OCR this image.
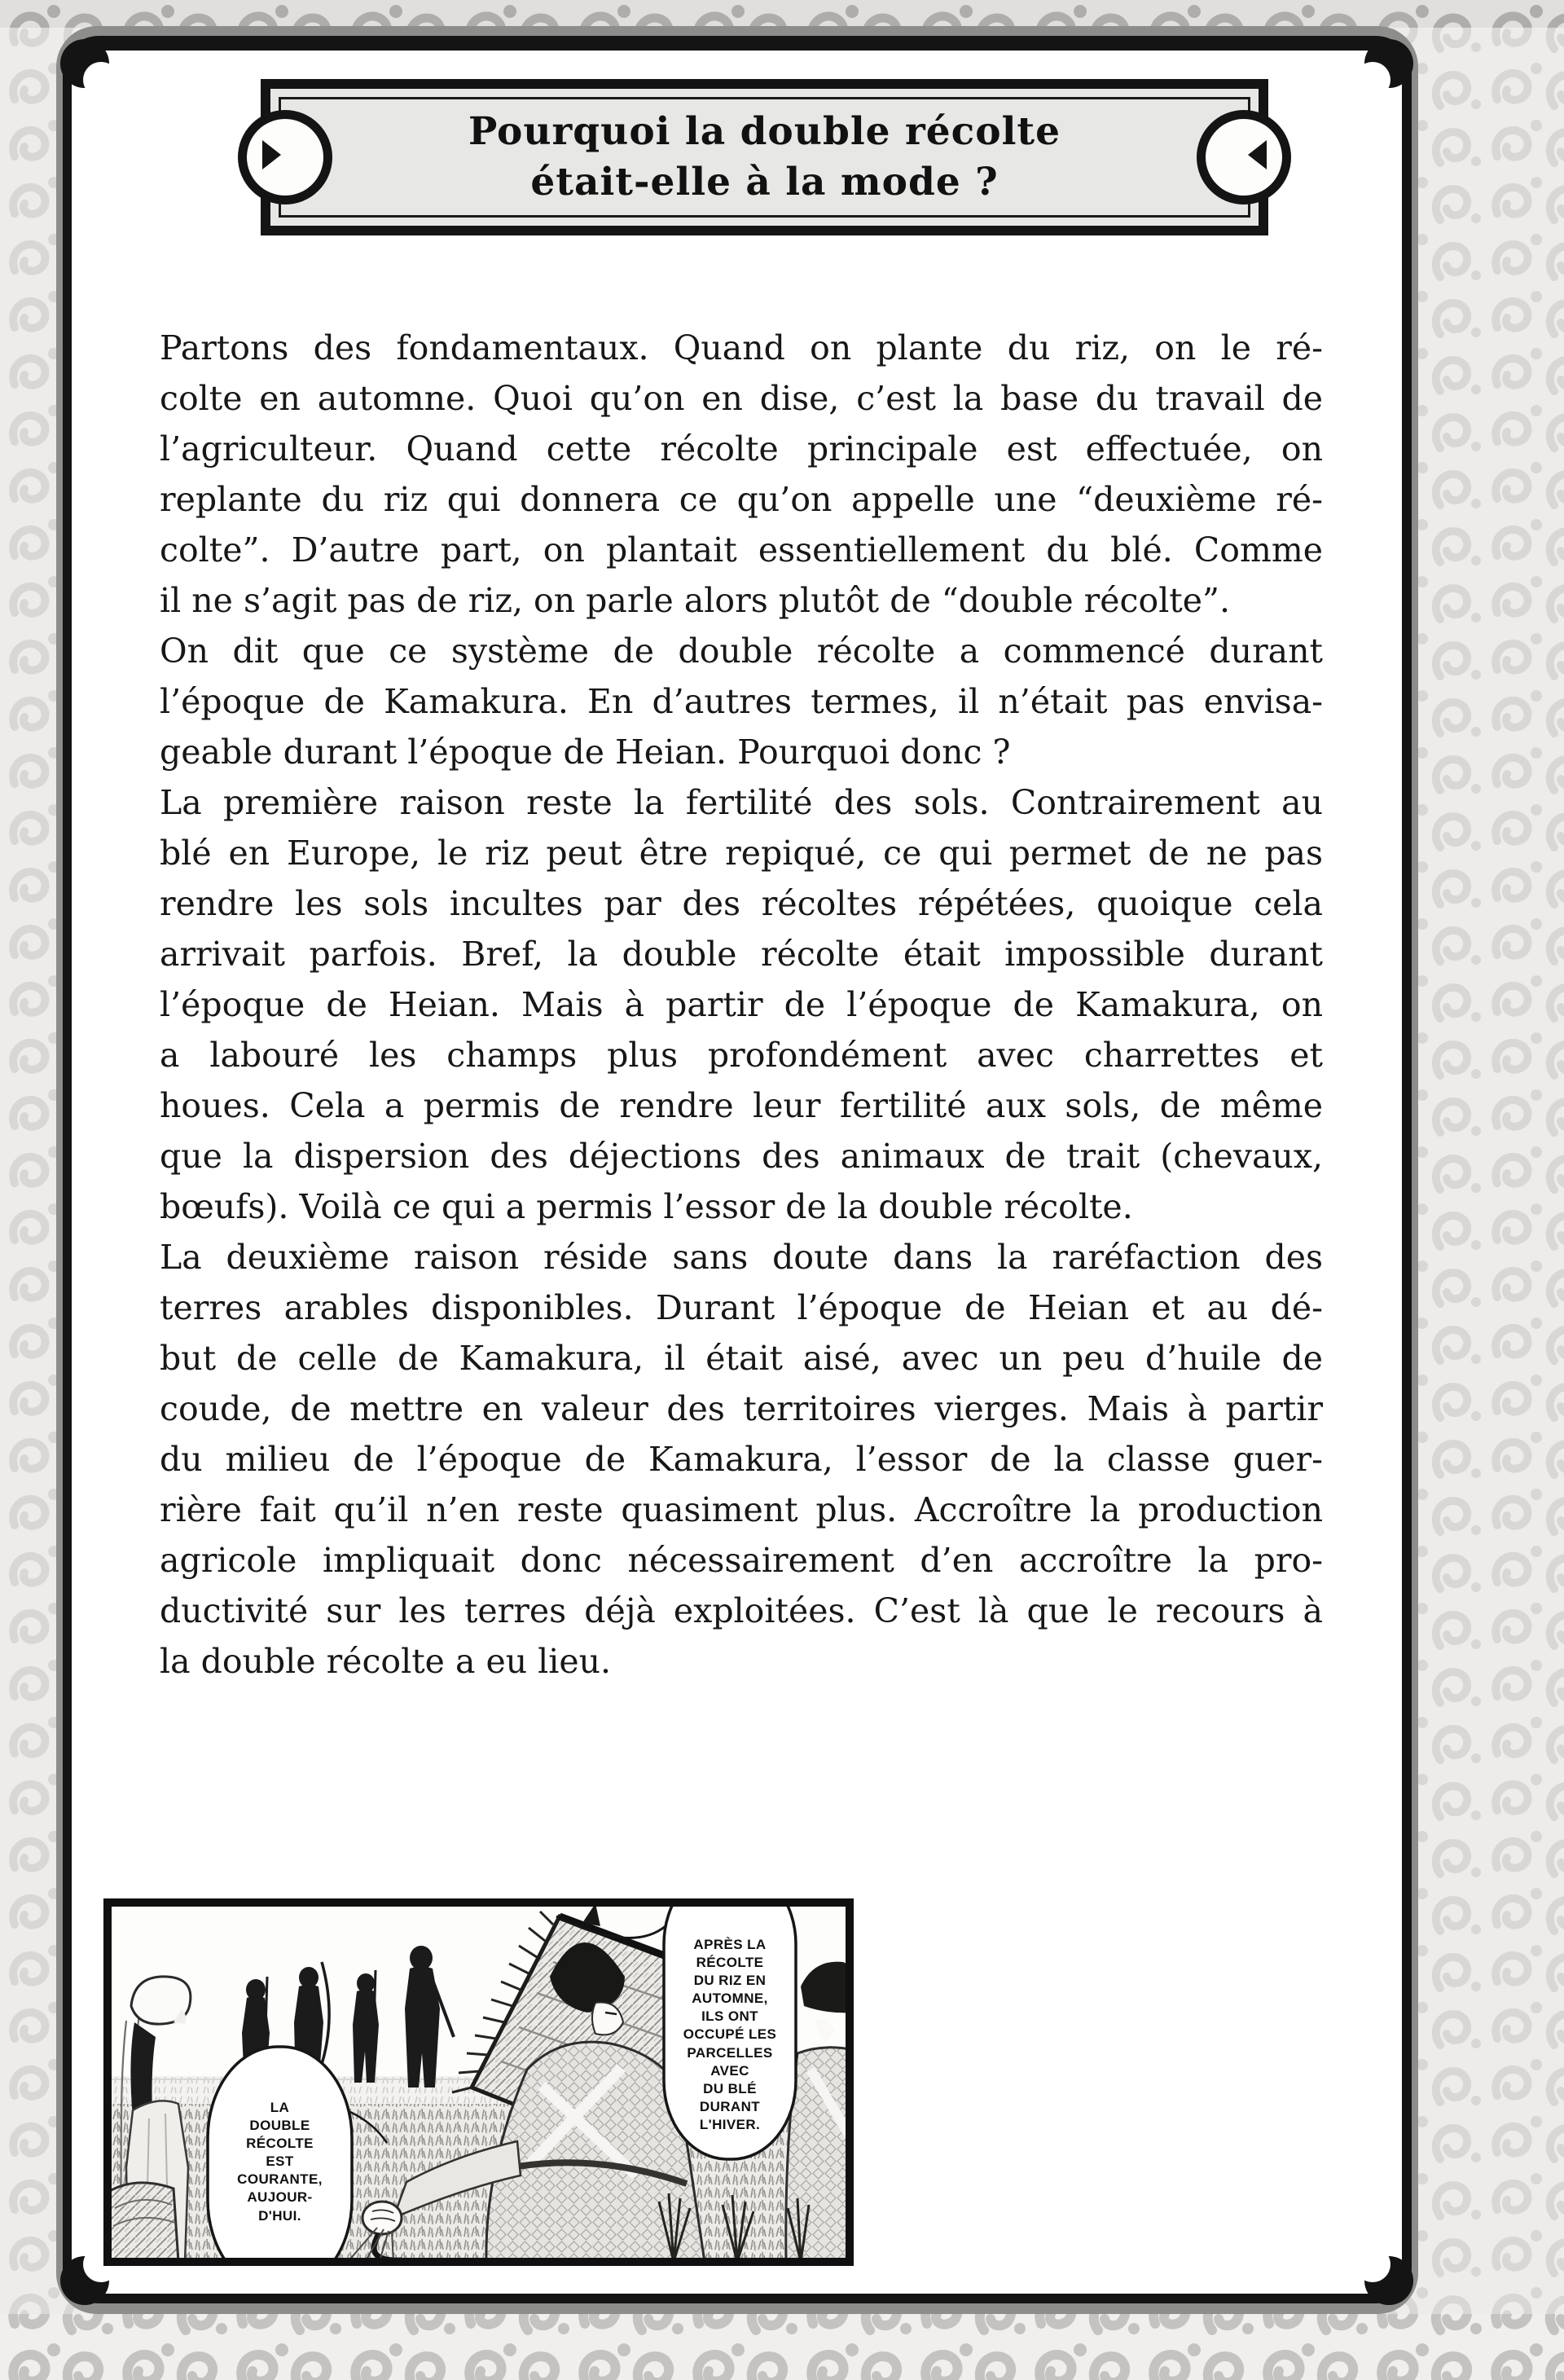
Pourquoi la double récolte
était-elle à la mode ?
Partons des fondamentaux. Quand on plante du riz, on le ré-
colte en automne. Quoi qu’on en dise, c’est la base du travail de
l’agriculteur. Quand cette récolte principale est effectuée, on
replante du riz qui donnera ce qu’on appelle une “deuxième ré-
colte”. D’autre part, on plantait essentiellement du blé. Comme
il ne s’agit pas de riz, on parle alors plutôt de “double récolte”.
On dit que ce système de double récolte a commencé durant
l’époque de Kamakura. En d’autres termes, il n’était pas envisa-
geable durant l’époque de Heian. Pourquoi donc ?
La première raison reste la fertilité des sols. Contrairement au
blé en Europe, le riz peut être repiqué, ce qui permet de ne pas
rendre les sols incultes par des récoltes répétées, quoique cela
arrivait parfois. Bref, la double récolte était impossible durant
l’époque de Heian. Mais à partir de l’époque de Kamakura, on
a labouré les champs plus profondément avec charrettes et
houes. Cela a permis de rendre leur fertilité aux sols, de même
que la dispersion des déjections des animaux de trait (chevaux,
bœufs). Voilà ce qui a permis l’essor de la double récolte.
La deuxième raison réside sans doute dans la raréfaction des
terres arables disponibles. Durant l’époque de Heian et au dé-
but de celle de Kamakura, il était aisé, avec un peu d’huile de
coude, de mettre en valeur des territoires vierges. Mais à partir
du milieu de l’époque de Kamakura, l’essor de la classe guer-
rière fait qu’il n’en reste quasiment plus. Accroître la production
agricole impliquait donc nécessairement d’en accroître la pro-
ductivité sur les terres déjà exploitées. C’est là que le recours à
la double récolte a eu lieu.
APRÈS LA
RÉCOLTE
DU RIZ EN
AUTOMNE,
ILS ONT
OCCUPÉ LES
PARCELLES
AVEC
DU BLÉ
DURANT
L'HIVER.
LA
DOUBLE
RÉCOLTE
EST
COURANTE,
AUJOUR-
D'HUI.
